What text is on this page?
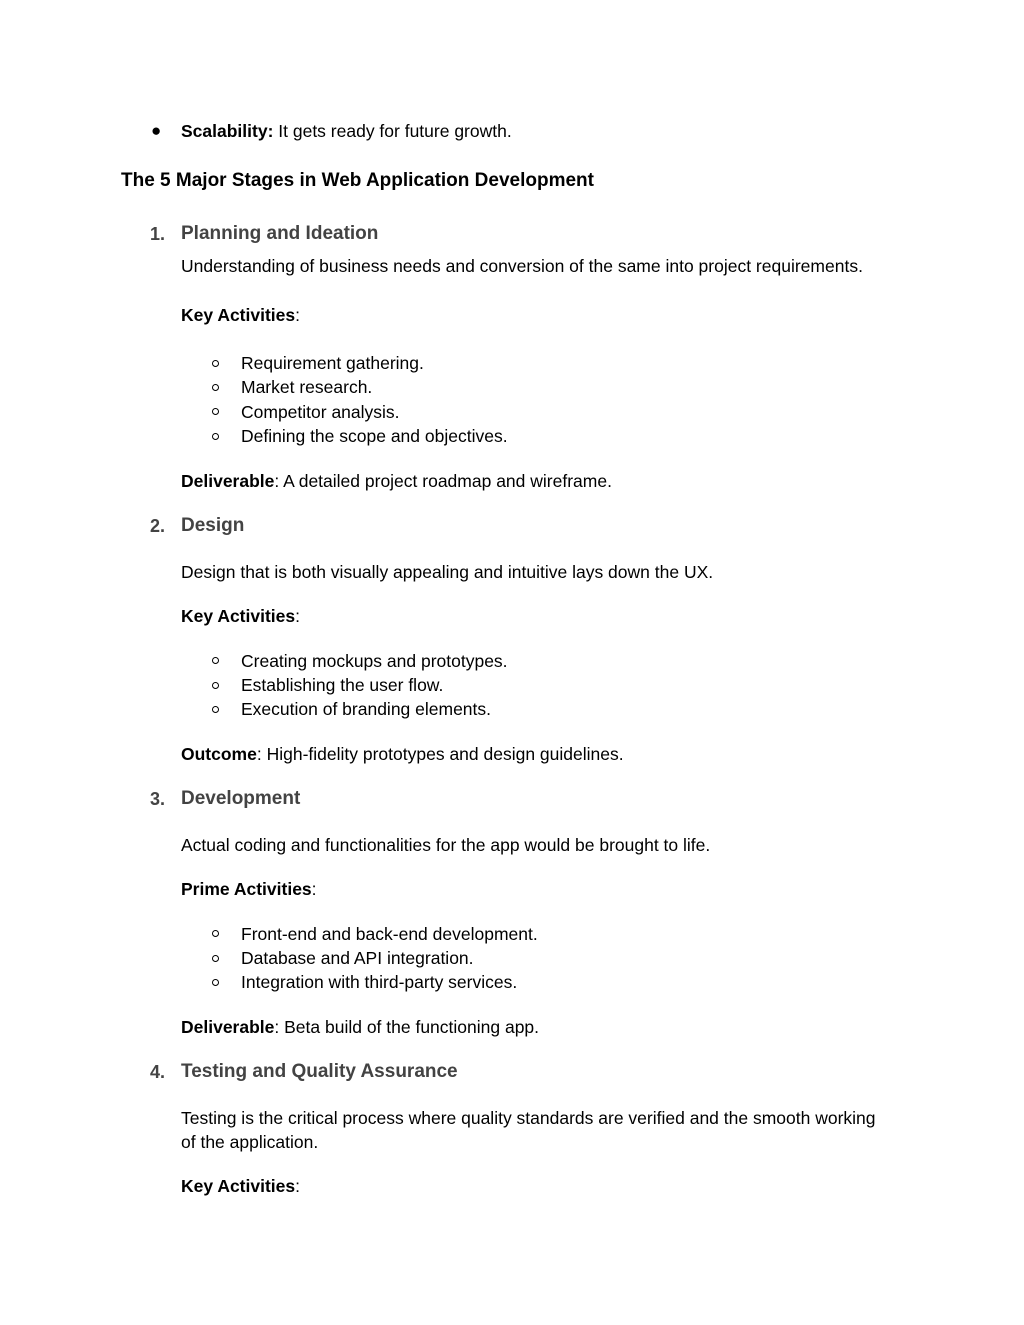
● Scalability: It gets ready for future growth.
The 5 Major Stages in Web Application Development
1. Planning and Ideation
Understanding of business needs and conversion of the same into project requirements.
Key Activities:
Requirement gathering.
Market research.
Competitor analysis.
Defining the scope and objectives.
Deliverable: A detailed project roadmap and wireframe.
2. Design
Design that is both visually appealing and intuitive lays down the UX.
Key Activities:
Creating mockups and prototypes.
Establishing the user flow.
Execution of branding elements.
Outcome: High-fidelity prototypes and design guidelines.
3. Development
Actual coding and functionalities for the app would be brought to life.
Prime Activities:
Front-end and back-end development.
Database and API integration.
Integration with third-party services.
Deliverable: Beta build of the functioning app.
4. Testing and Quality Assurance
Testing is the critical process where quality standards are verified and the smooth working of the application.
Key Activities:
